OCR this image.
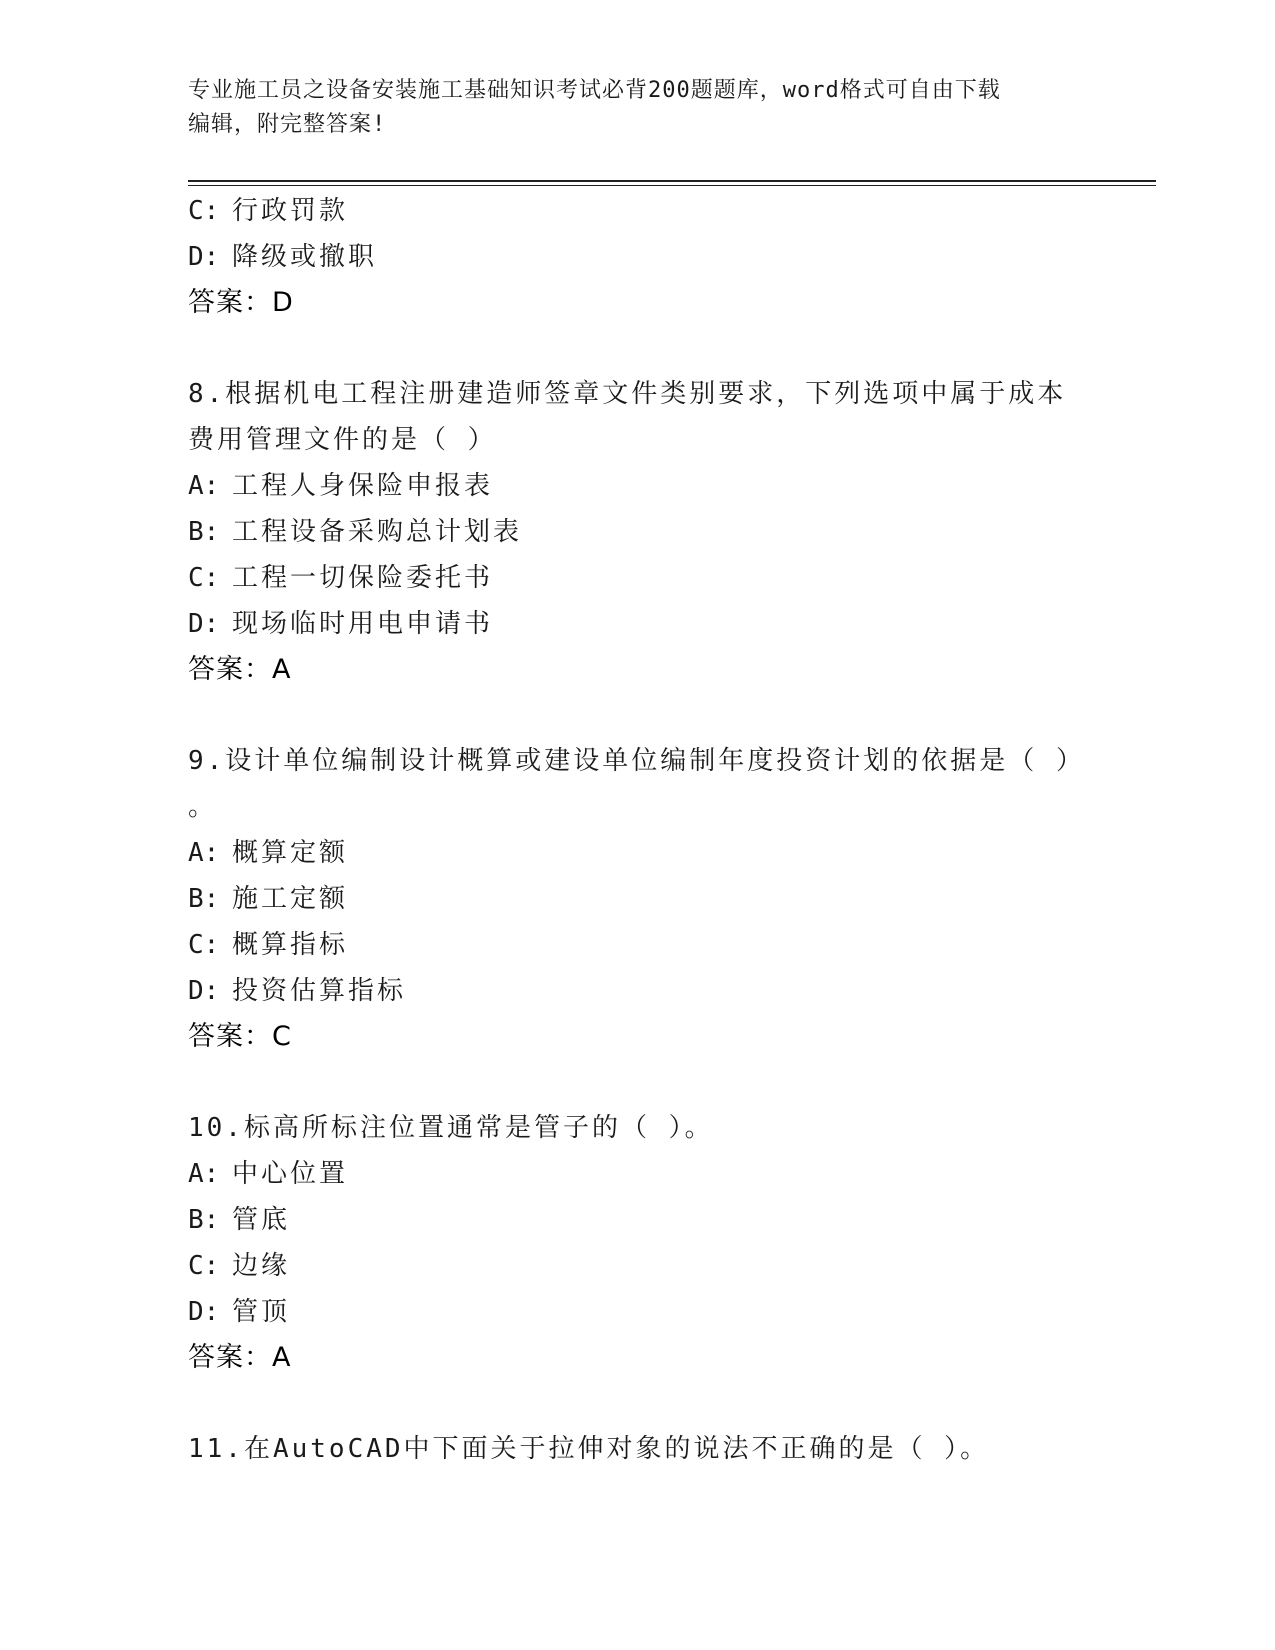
专业施工员之设备安装施工基础知识考试必背200题题库，word格式可自由下载
编辑，附完整答案!
C: 行政罚款
D: 降级或撤职
答案：D
8.根据机电工程注册建造师签章文件类别要求，下列选项中属于成本
费用管理文件的是（ ）
A: 工程人身保险申报表
B: 工程设备采购总计划表
C: 工程一切保险委托书
D: 现场临时用电申请书
答案：A
9.设计单位编制设计概算或建设单位编制年度投资计划的依据是（ ）
。
A: 概算定额
B: 施工定额
C: 概算指标
D: 投资估算指标
答案：C
10.标高所标注位置通常是管子的（ ）。
A: 中心位置
B: 管底
C: 边缘
D: 管顶
答案：A
11.在AutoCAD中下面关于拉伸对象的说法不正确的是（ ）。
